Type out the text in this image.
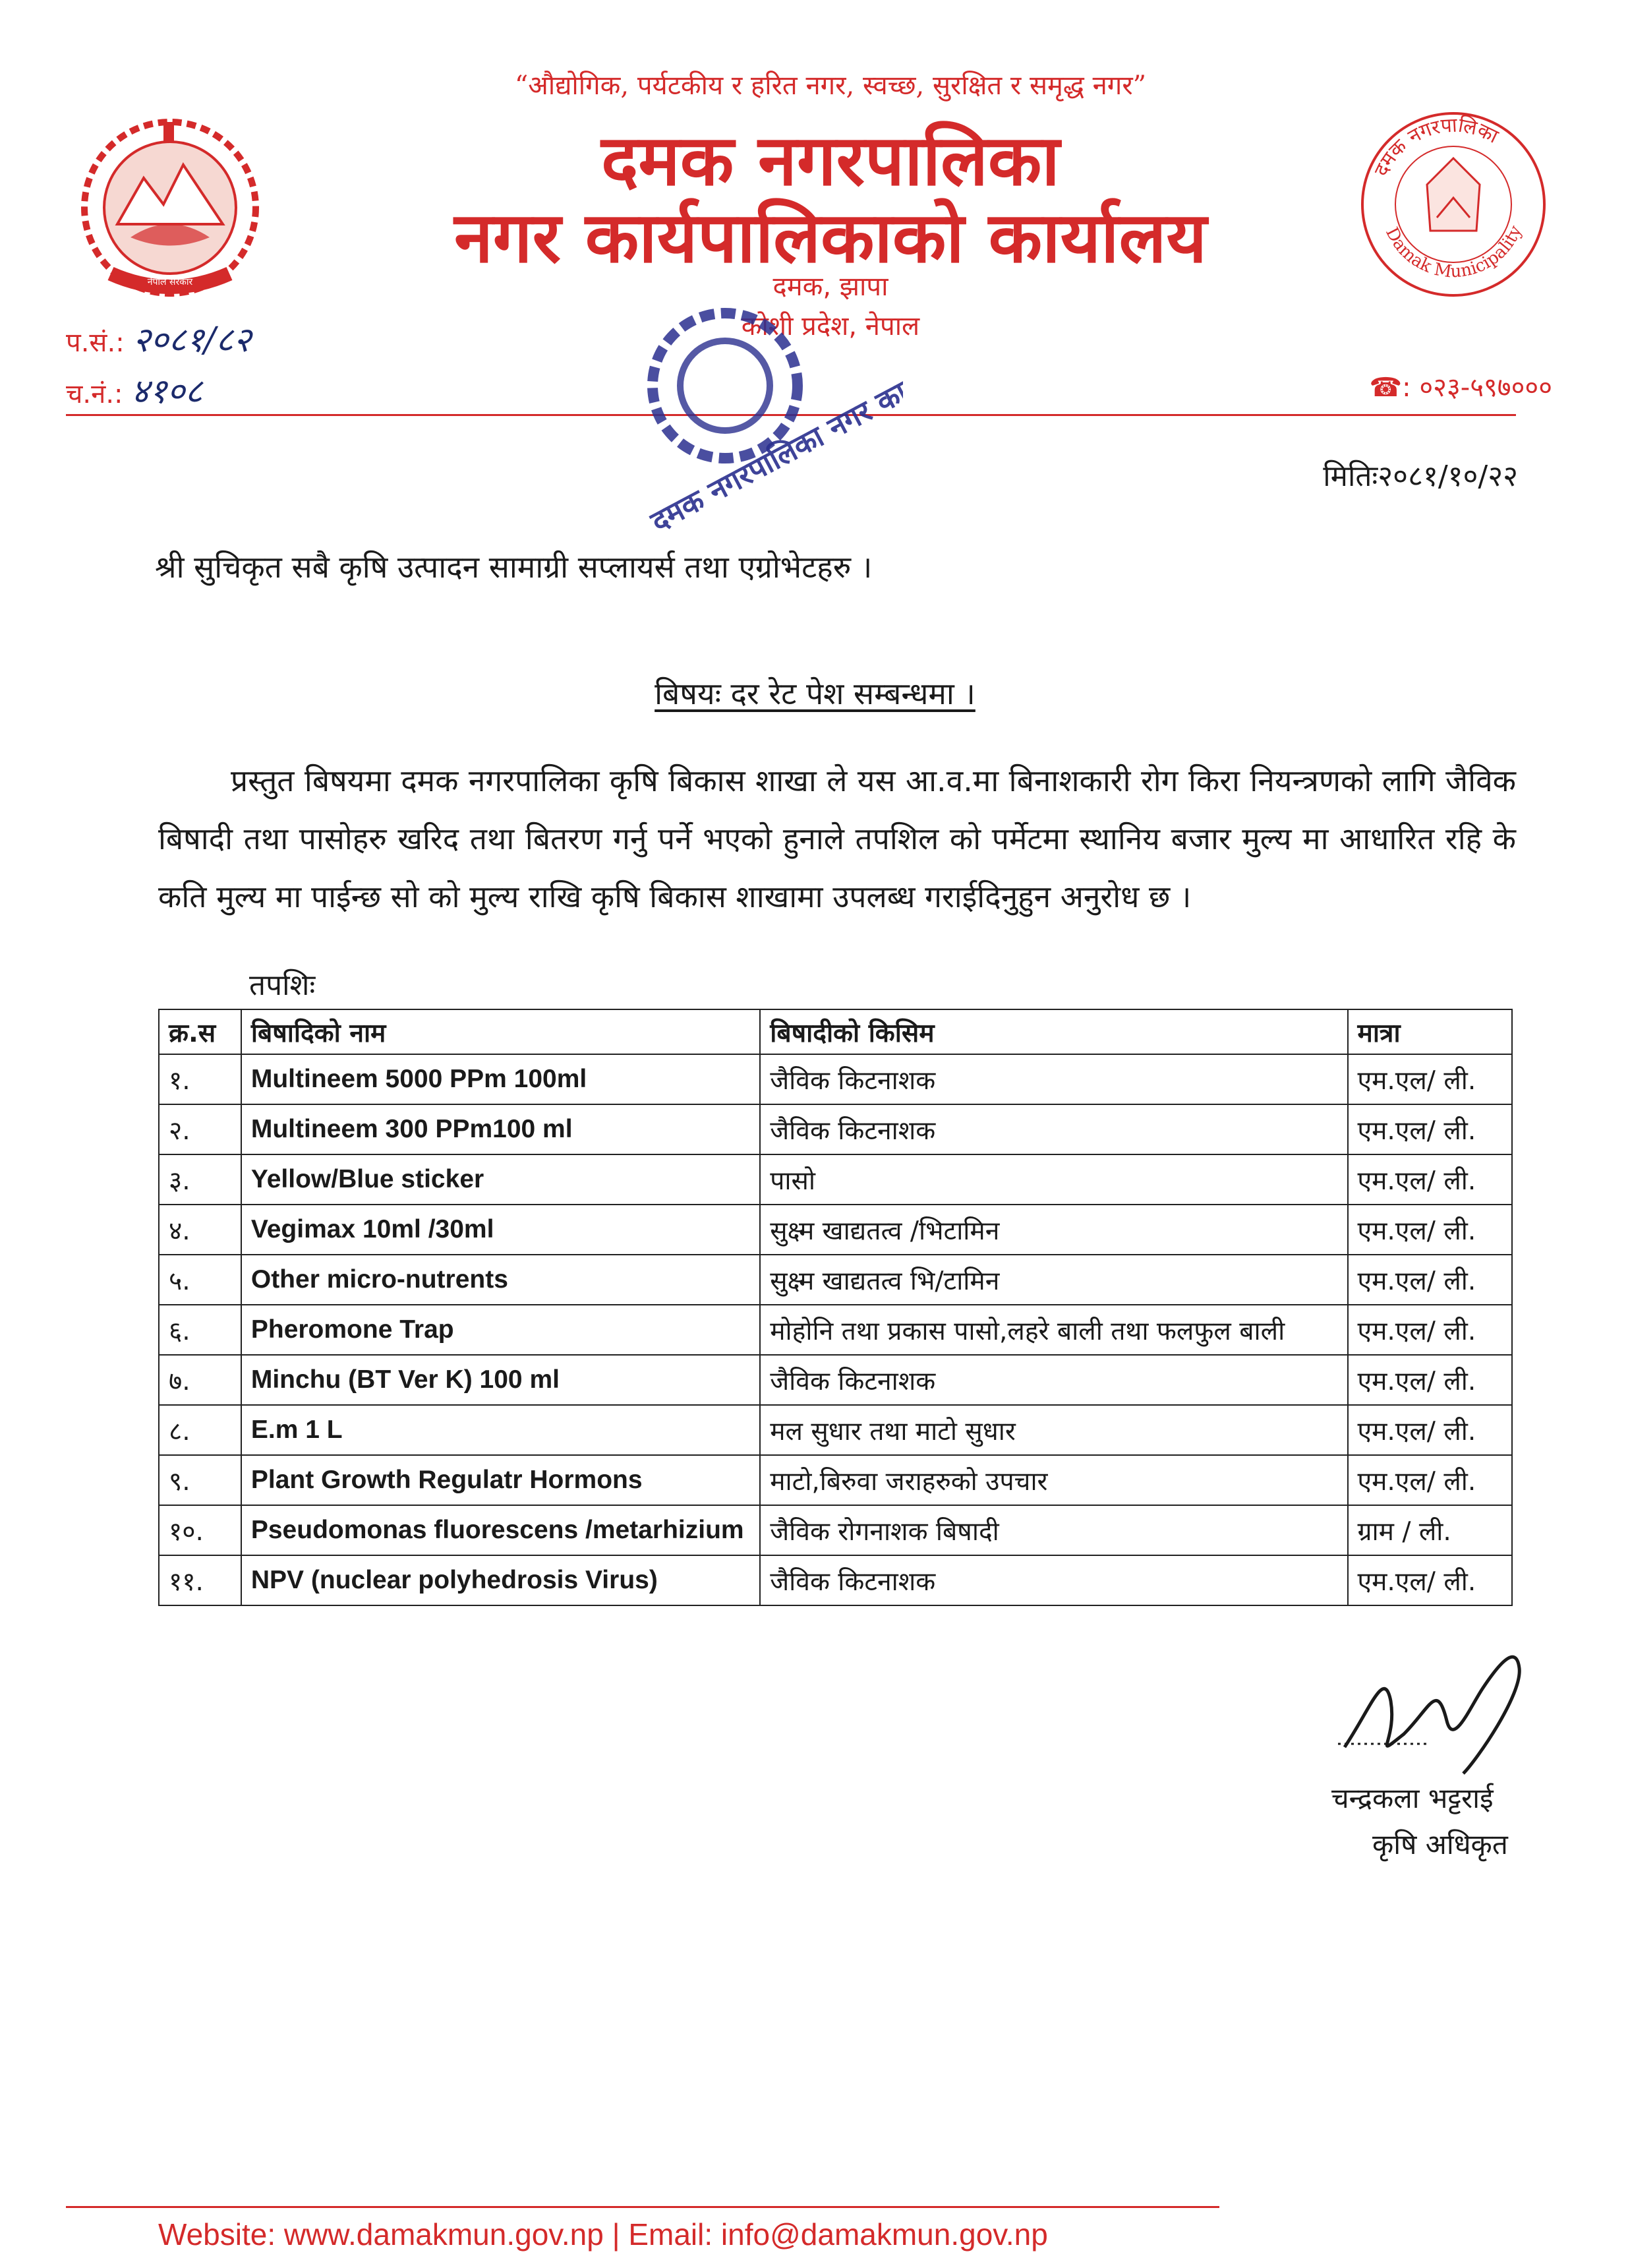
नेपाल सरकार
दमक नगरपालिका
Damak Municipality
“औद्योगिक, पर्यटकीय र हरित नगर, स्वच्छ, सुरक्षित र समृद्ध नगर”
दमक नगरपालिका
नगर कार्यपालिकाको कार्यालय
दमक, झापा
कोशी प्रदेश, नेपाल
प.सं.: २०८१/८२
च.नं.: ४१०८	☎: ०२३-५९७०००
दमक नगरपालिका नगर कार्यपालिकाको
मितिः२०८१/१०/२२
श्री सुचिकृत सबै कृषि उत्पादन सामाग्री सप्लायर्स तथा एग्रोभेटहरु ।
बिषयः दर रेट पेश सम्बन्धमा ।
प्रस्तुत बिषयमा दमक नगरपालिका कृषि बिकास शाखा ले यस आ.व.मा बिनाशकारी रोग किरा नियन्त्रणको लागि जैविक बिषादी तथा पासोहरु खरिद तथा बितरण गर्नु पर्ने भएको हुनाले तपशिल को पर्मेटमा स्थानिय बजार मुल्य मा आधारित रहि के कति मुल्य मा पाईन्छ सो को मुल्य राखि कृषि बिकास शाखामा उपलब्ध गराईदिनुहुन अनुरोध छ ।
तपशिः
क्र.स	बिषादिको नाम	बिषादीको किसिम	मात्रा
१.	Multineem 5000 PPm 100ml	जैविक किटनाशक	एम.एल/ ली.
२.	Multineem 300 PPm100 ml	जैविक किटनाशक	एम.एल/ ली.
३.	Yellow/Blue sticker	पासो	एम.एल/ ली.
४.	Vegimax 10ml /30ml	सुक्ष्म खाद्यतत्व /भिटामिन	एम.एल/ ली.
५.	Other micro-nutrents	सुक्ष्म खाद्यतत्व भि/टामिन	एम.एल/ ली.
६.	Pheromone Trap	मोहोनि तथा प्रकास पासो,लहरे बाली तथा फलफुल बाली	एम.एल/ ली.
७.	Minchu (BT Ver K) 100 ml	जैविक किटनाशक	एम.एल/ ली.
८.	E.m 1 L	मल सुधार तथा माटो सुधार	एम.एल/ ली.
९.	Plant Growth Regulatr Hormons	माटो,बिरुवा जराहरुको उपचार	एम.एल/ ली.
१०.	Pseudomonas fluorescens /metarhizium	जैविक रोगनाशक बिषादी	ग्राम / ली.
११.	NPV (nuclear polyhedrosis Virus)	जैविक किटनाशक	एम.एल/ ली.
चन्द्रकला भट्टराई
कृषि अधिकृत
Website: www.damakmun.gov.np | Email: info@damakmun.gov.np
